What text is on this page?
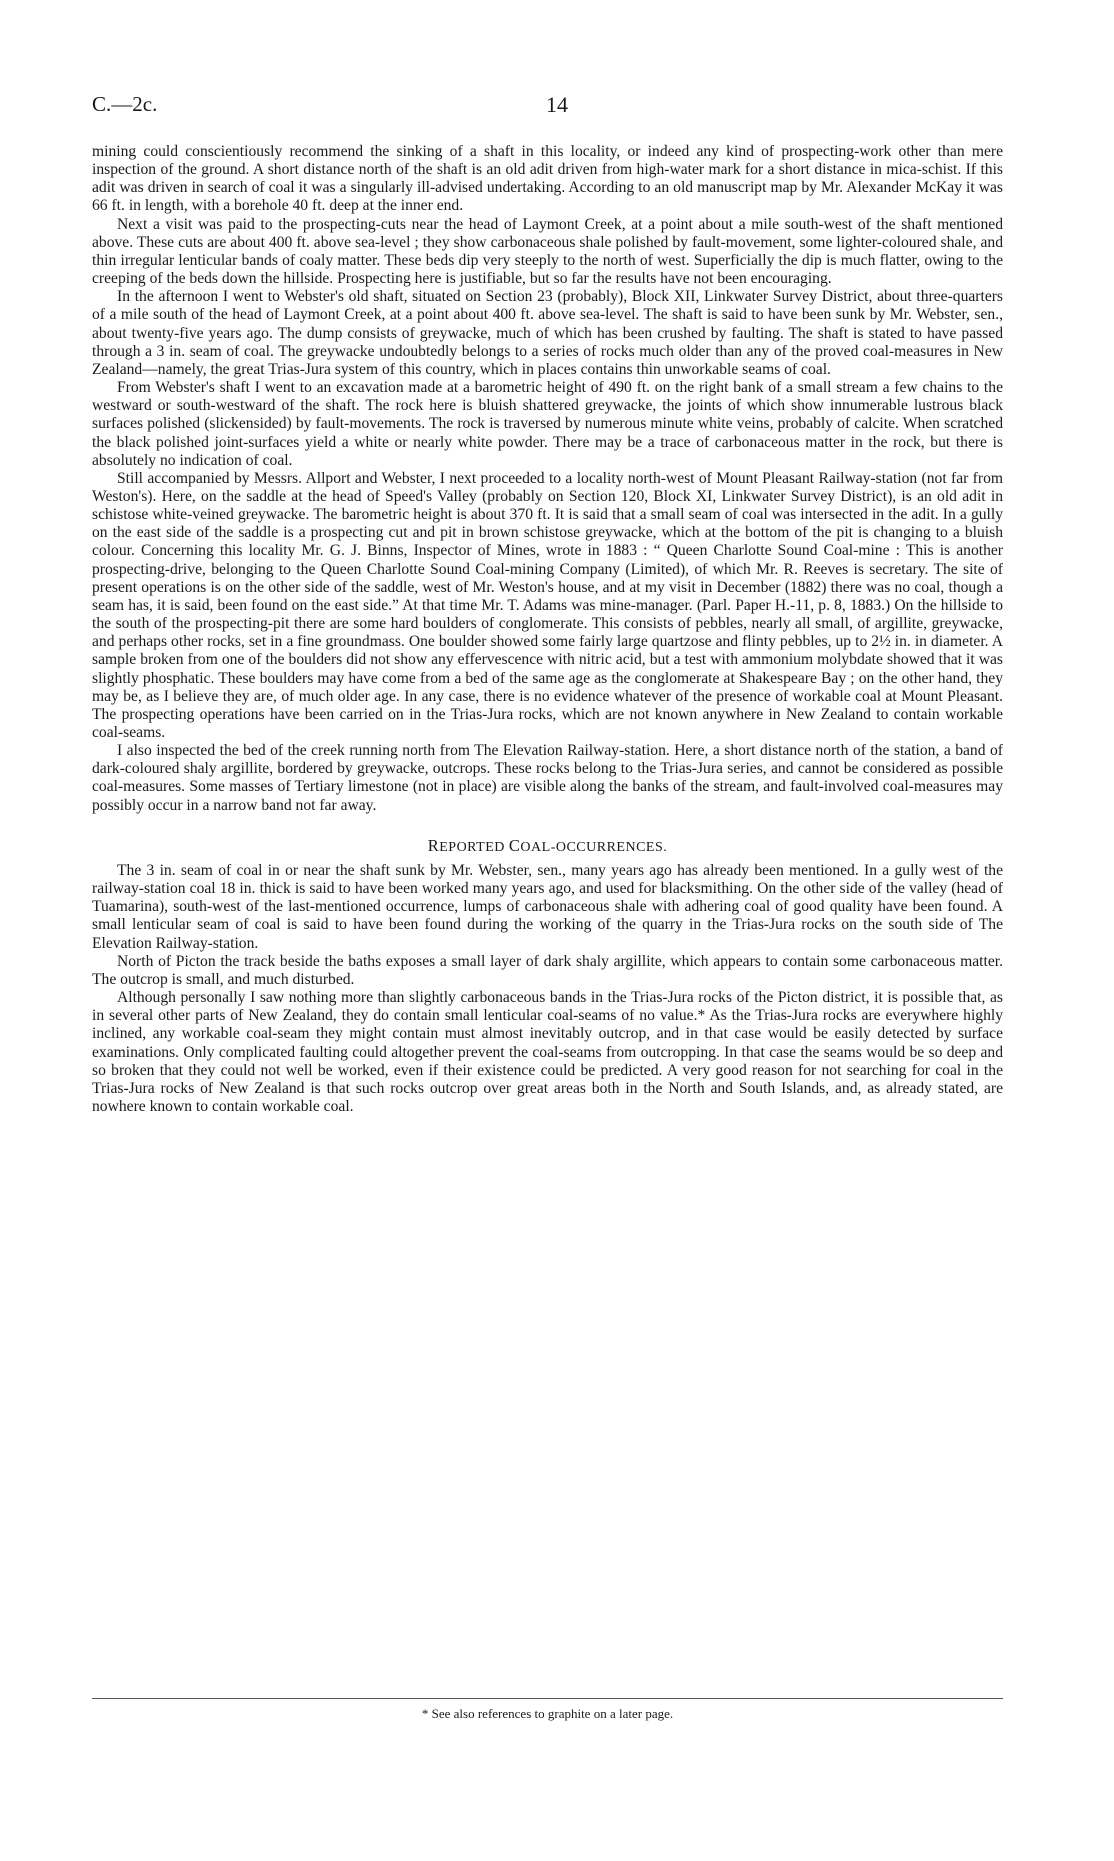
C.—2c.	14

mining could conscientiously recommend the sinking of a shaft in this locality, or indeed any kind of prospecting-work other than mere inspection of the ground. A short distance north of the shaft is an old adit driven from high-water mark for a short distance in mica-schist. If this adit was driven in search of coal it was a singularly ill-advised undertaking. According to an old manuscript map by Mr. Alexander McKay it was 66 ft. in length, with a borehole 40 ft. deep at the inner end.

Next a visit was paid to the prospecting-cuts near the head of Laymont Creek, at a point about a mile south-west of the shaft mentioned above. These cuts are about 400 ft. above sea-level ; they show carbonaceous shale polished by fault-movement, some lighter-coloured shale, and thin irregular lenticular bands of coaly matter. These beds dip very steeply to the north of west. Superficially the dip is much flatter, owing to the creeping of the beds down the hillside. Prospecting here is justifiable, but so far the results have not been encouraging.

In the afternoon I went to Webster's old shaft, situated on Section 23 (probably), Block XII, Linkwater Survey District, about three-quarters of a mile south of the head of Laymont Creek, at a point about 400 ft. above sea-level. The shaft is said to have been sunk by Mr. Webster, sen., about twenty-five years ago. The dump consists of greywacke, much of which has been crushed by faulting. The shaft is stated to have passed through a 3 in. seam of coal. The greywacke undoubtedly belongs to a series of rocks much older than any of the proved coal-measures in New Zealand—namely, the great Trias-Jura system of this country, which in places contains thin unworkable seams of coal.

From Webster's shaft I went to an excavation made at a barometric height of 490 ft. on the right bank of a small stream a few chains to the westward or south-westward of the shaft. The rock here is bluish shattered greywacke, the joints of which show innumerable lustrous black surfaces polished (slickensided) by fault-movements. The rock is traversed by numerous minute white veins, probably of calcite. When scratched the black polished joint-surfaces yield a white or nearly white powder. There may be a trace of carbonaceous matter in the rock, but there is absolutely no indication of coal.

Still accompanied by Messrs. Allport and Webster, I next proceeded to a locality north-west of Mount Pleasant Railway-station (not far from Weston's). Here, on the saddle at the head of Speed's Valley (probably on Section 120, Block XI, Linkwater Survey District), is an old adit in schistose white-veined greywacke. The barometric height is about 370 ft. It is said that a small seam of coal was intersected in the adit. In a gully on the east side of the saddle is a prospecting cut and pit in brown schistose greywacke, which at the bottom of the pit is changing to a bluish colour. Concerning this locality Mr. G. J. Binns, Inspector of Mines, wrote in 1883 : “ Queen Charlotte Sound Coal-mine : This is another prospecting-drive, belonging to the Queen Charlotte Sound Coal-mining Company (Limited), of which Mr. R. Reeves is secretary. The site of present operations is on the other side of the saddle, west of Mr. Weston's house, and at my visit in December (1882) there was no coal, though a seam has, it is said, been found on the east side.” At that time Mr. T. Adams was mine-manager. (Parl. Paper H.-11, p. 8, 1883.) On the hillside to the south of the prospecting-pit there are some hard boulders of conglomerate. This consists of pebbles, nearly all small, of argillite, greywacke, and perhaps other rocks, set in a fine groundmass. One boulder showed some fairly large quartzose and flinty pebbles, up to 2½ in. in diameter. A sample broken from one of the boulders did not show any effervescence with nitric acid, but a test with ammonium molybdate showed that it was slightly phosphatic. These boulders may have come from a bed of the same age as the conglomerate at Shakespeare Bay ; on the other hand, they may be, as I believe they are, of much older age. In any case, there is no evidence whatever of the presence of workable coal at Mount Pleasant. The prospecting operations have been carried on in the Trias-Jura rocks, which are not known anywhere in New Zealand to contain workable coal-seams.

I also inspected the bed of the creek running north from The Elevation Railway-station. Here, a short distance north of the station, a band of dark-coloured shaly argillite, bordered by greywacke, outcrops. These rocks belong to the Trias-Jura series, and cannot be considered as possible coal-measures. Some masses of Tertiary limestone (not in place) are visible along the banks of the stream, and fault-involved coal-measures may possibly occur in a narrow band not far away.

REPORTED COAL-OCCURRENCES.

The 3 in. seam of coal in or near the shaft sunk by Mr. Webster, sen., many years ago has already been mentioned. In a gully west of the railway-station coal 18 in. thick is said to have been worked many years ago, and used for blacksmithing. On the other side of the valley (head of Tuamarina), south-west of the last-mentioned occurrence, lumps of carbonaceous shale with adhering coal of good quality have been found. A small lenticular seam of coal is said to have been found during the working of the quarry in the Trias-Jura rocks on the south side of The Elevation Railway-station.

North of Picton the track beside the baths exposes a small layer of dark shaly argillite, which appears to contain some carbonaceous matter. The outcrop is small, and much disturbed.

Although personally I saw nothing more than slightly carbonaceous bands in the Trias-Jura rocks of the Picton district, it is possible that, as in several other parts of New Zealand, they do contain small lenticular coal-seams of no value.* As the Trias-Jura rocks are everywhere highly inclined, any workable coal-seam they might contain must almost inevitably outcrop, and in that case would be easily detected by surface examinations. Only complicated faulting could altogether prevent the coal-seams from outcropping. In that case the seams would be so deep and so broken that they could not well be worked, even if their existence could be predicted. A very good reason for not searching for coal in the Trias-Jura rocks of New Zealand is that such rocks outcrop over great areas both in the North and South Islands, and, as already stated, are nowhere known to contain workable coal.

* See also references to graphite on a later page.
